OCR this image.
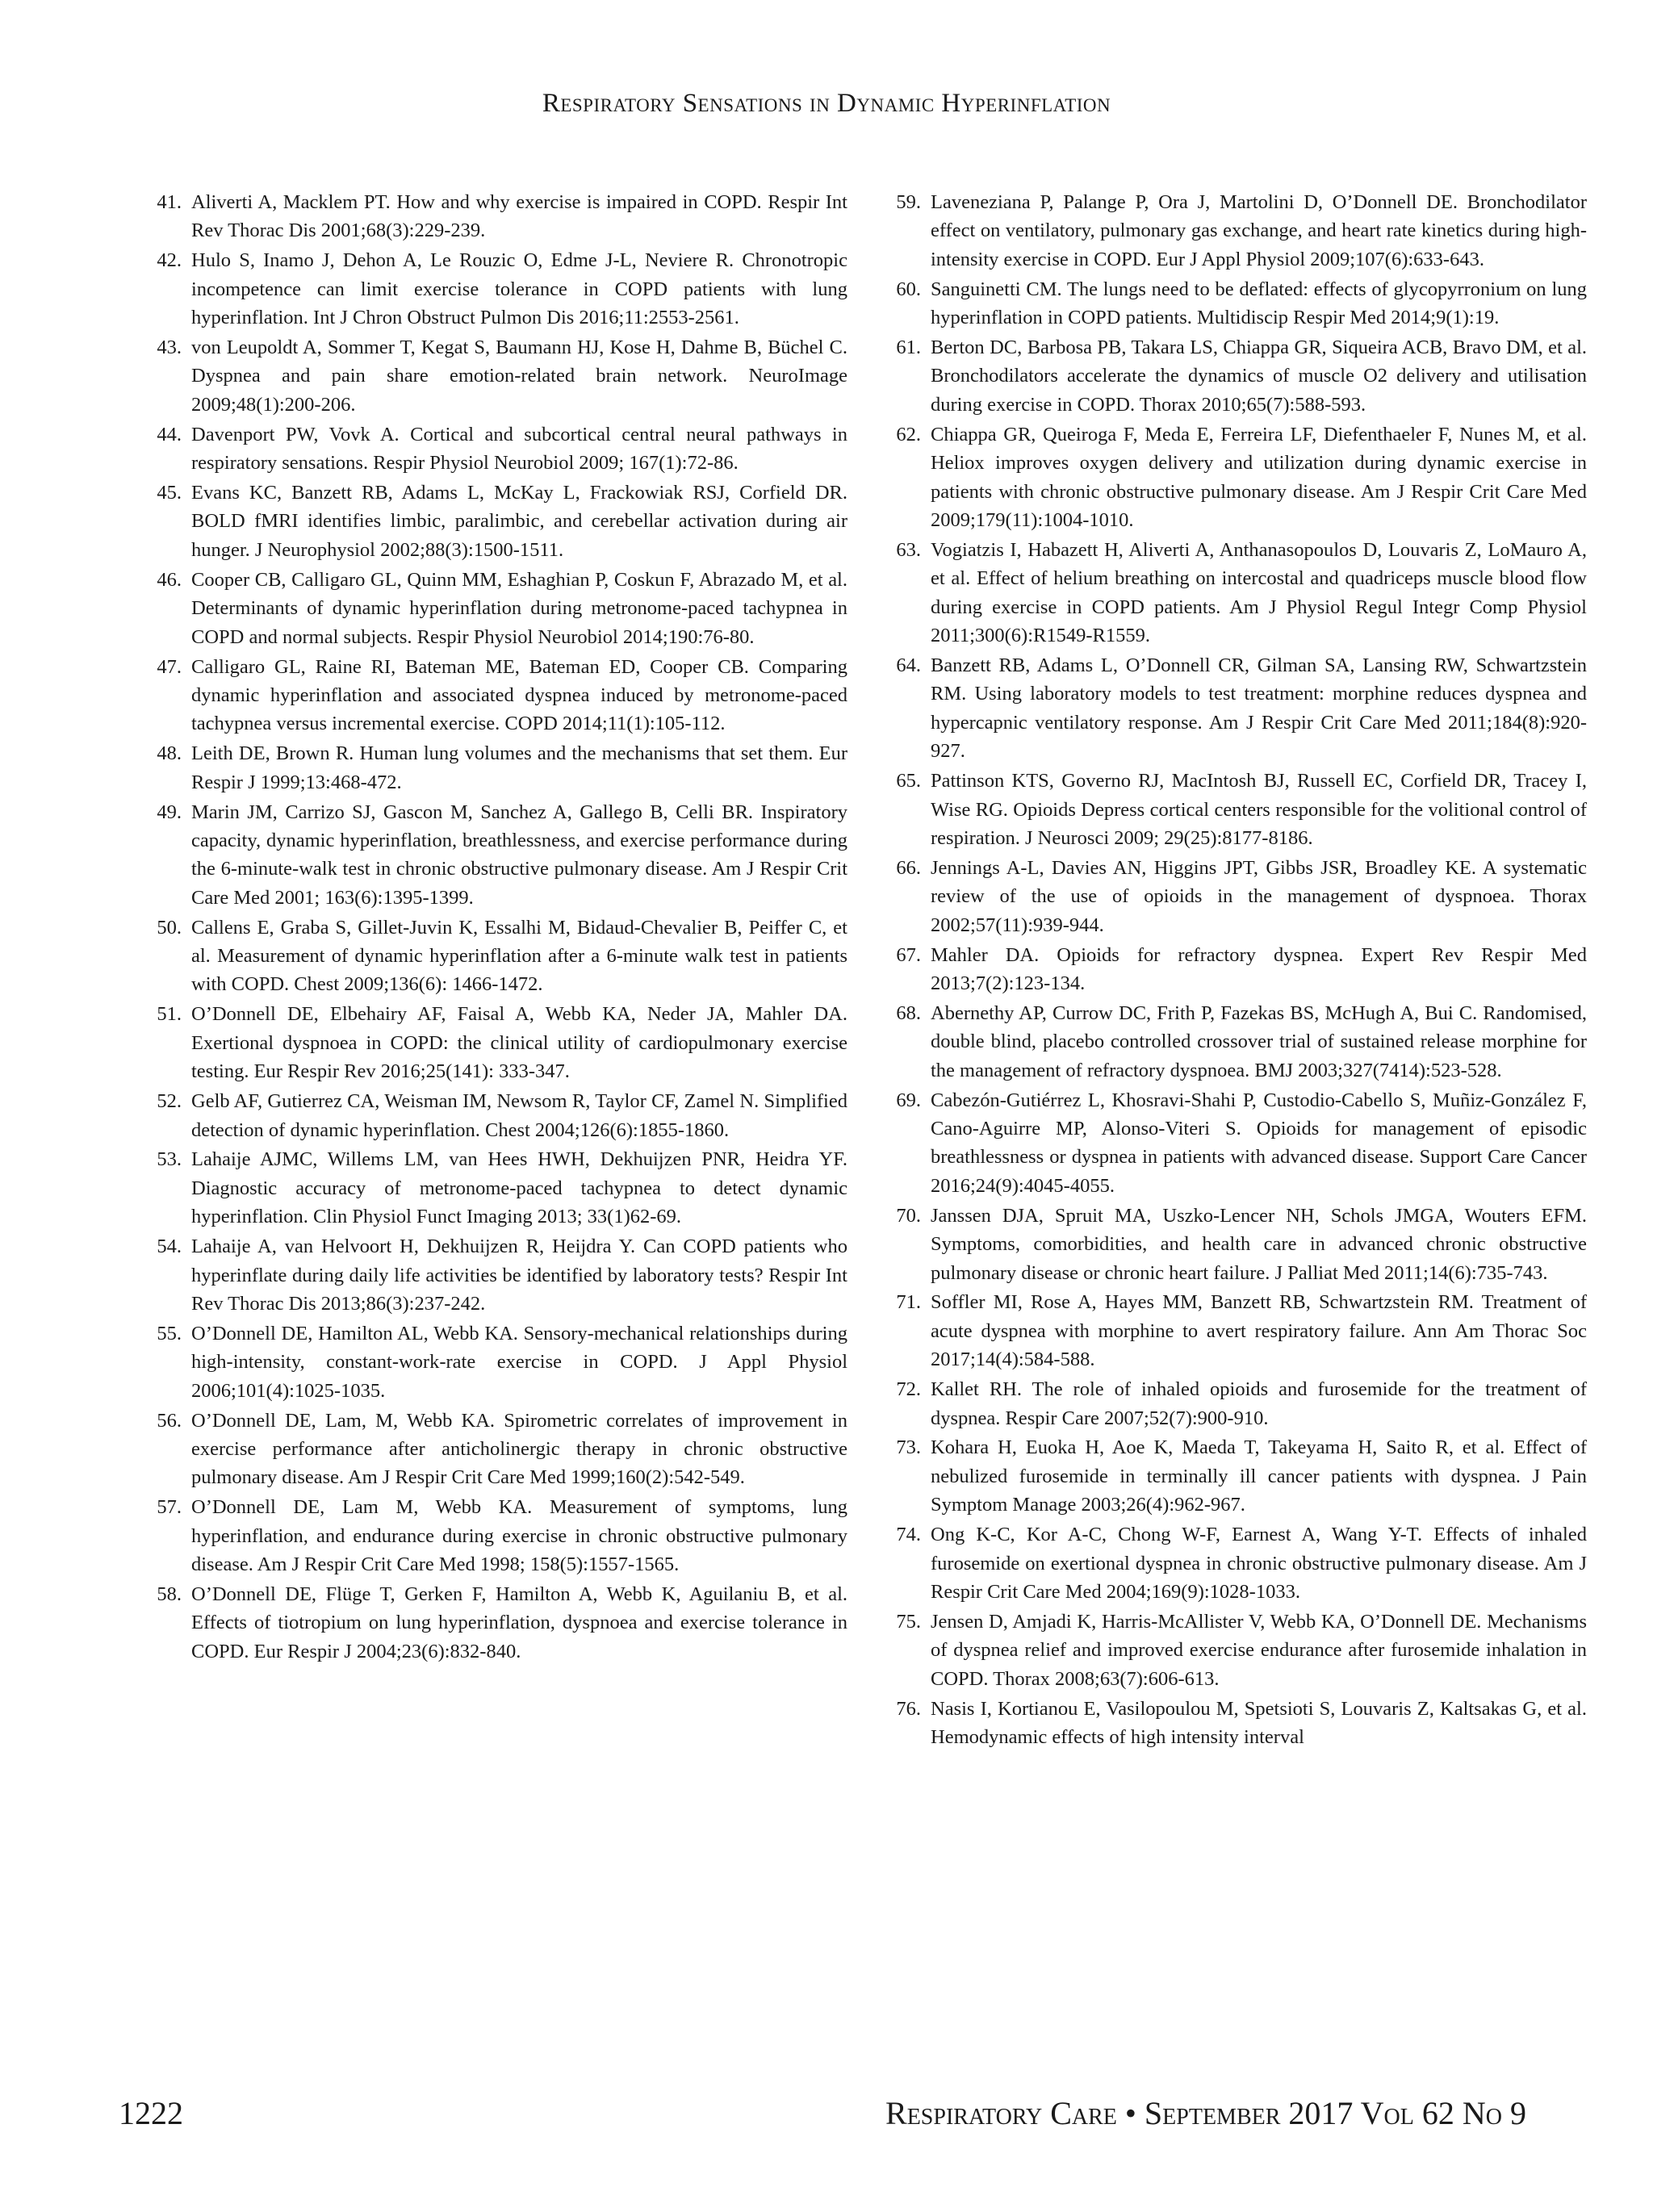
Respiratory Sensations in Dynamic Hyperinflation
41. Aliverti A, Macklem PT. How and why exercise is impaired in COPD. Respir Int Rev Thorac Dis 2001;68(3):229-239.
42. Hulo S, Inamo J, Dehon A, Le Rouzic O, Edme J-L, Neviere R. Chronotropic incompetence can limit exercise tolerance in COPD patients with lung hyperinflation. Int J Chron Obstruct Pulmon Dis 2016;11:2553-2561.
43. von Leupoldt A, Sommer T, Kegat S, Baumann HJ, Kose H, Dahme B, Büchel C. Dyspnea and pain share emotion-related brain network. NeuroImage 2009;48(1):200-206.
44. Davenport PW, Vovk A. Cortical and subcortical central neural pathways in respiratory sensations. Respir Physiol Neurobiol 2009; 167(1):72-86.
45. Evans KC, Banzett RB, Adams L, McKay L, Frackowiak RSJ, Corfield DR. BOLD fMRI identifies limbic, paralimbic, and cerebellar activation during air hunger. J Neurophysiol 2002;88(3):1500-1511.
46. Cooper CB, Calligaro GL, Quinn MM, Eshaghian P, Coskun F, Abrazado M, et al. Determinants of dynamic hyperinflation during metronome-paced tachypnea in COPD and normal subjects. Respir Physiol Neurobiol 2014;190:76-80.
47. Calligaro GL, Raine RI, Bateman ME, Bateman ED, Cooper CB. Comparing dynamic hyperinflation and associated dyspnea induced by metronome-paced tachypnea versus incremental exercise. COPD 2014;11(1):105-112.
48. Leith DE, Brown R. Human lung volumes and the mechanisms that set them. Eur Respir J 1999;13:468-472.
49. Marin JM, Carrizo SJ, Gascon M, Sanchez A, Gallego B, Celli BR. Inspiratory capacity, dynamic hyperinflation, breathlessness, and exercise performance during the 6-minute-walk test in chronic obstructive pulmonary disease. Am J Respir Crit Care Med 2001; 163(6):1395-1399.
50. Callens E, Graba S, Gillet-Juvin K, Essalhi M, Bidaud-Chevalier B, Peiffer C, et al. Measurement of dynamic hyperinflation after a 6-minute walk test in patients with COPD. Chest 2009;136(6): 1466-1472.
51. O’Donnell DE, Elbehairy AF, Faisal A, Webb KA, Neder JA, Mahler DA. Exertional dyspnoea in COPD: the clinical utility of cardiopulmonary exercise testing. Eur Respir Rev 2016;25(141): 333-347.
52. Gelb AF, Gutierrez CA, Weisman IM, Newsom R, Taylor CF, Zamel N. Simplified detection of dynamic hyperinflation. Chest 2004;126(6):1855-1860.
53. Lahaije AJMC, Willems LM, van Hees HWH, Dekhuijzen PNR, Heidra YF. Diagnostic accuracy of metronome-paced tachypnea to detect dynamic hyperinflation. Clin Physiol Funct Imaging 2013; 33(1)62-69.
54. Lahaije A, van Helvoort H, Dekhuijzen R, Heijdra Y. Can COPD patients who hyperinflate during daily life activities be identified by laboratory tests? Respir Int Rev Thorac Dis 2013;86(3):237-242.
55. O’Donnell DE, Hamilton AL, Webb KA. Sensory-mechanical relationships during high-intensity, constant-work-rate exercise in COPD. J Appl Physiol 2006;101(4):1025-1035.
56. O’Donnell DE, Lam, M, Webb KA. Spirometric correlates of improvement in exercise performance after anticholinergic therapy in chronic obstructive pulmonary disease. Am J Respir Crit Care Med 1999;160(2):542-549.
57. O’Donnell DE, Lam M, Webb KA. Measurement of symptoms, lung hyperinflation, and endurance during exercise in chronic obstructive pulmonary disease. Am J Respir Crit Care Med 1998; 158(5):1557-1565.
58. O’Donnell DE, Flüge T, Gerken F, Hamilton A, Webb K, Aguilaniu B, et al. Effects of tiotropium on lung hyperinflation, dyspnoea and exercise tolerance in COPD. Eur Respir J 2004;23(6):832-840.
59. Laveneziana P, Palange P, Ora J, Martolini D, O’Donnell DE. Bronchodilator effect on ventilatory, pulmonary gas exchange, and heart rate kinetics during high-intensity exercise in COPD. Eur J Appl Physiol 2009;107(6):633-643.
60. Sanguinetti CM. The lungs need to be deflated: effects of glycopyrronium on lung hyperinflation in COPD patients. Multidiscip Respir Med 2014;9(1):19.
61. Berton DC, Barbosa PB, Takara LS, Chiappa GR, Siqueira ACB, Bravo DM, et al. Bronchodilators accelerate the dynamics of muscle O2 delivery and utilisation during exercise in COPD. Thorax 2010;65(7):588-593.
62. Chiappa GR, Queiroga F, Meda E, Ferreira LF, Diefenthaeler F, Nunes M, et al. Heliox improves oxygen delivery and utilization during dynamic exercise in patients with chronic obstructive pulmonary disease. Am J Respir Crit Care Med 2009;179(11):1004-1010.
63. Vogiatzis I, Habazett H, Aliverti A, Anthanasopoulos D, Louvaris Z, LoMauro A, et al. Effect of helium breathing on intercostal and quadriceps muscle blood flow during exercise in COPD patients. Am J Physiol Regul Integr Comp Physiol 2011;300(6):R1549-R1559.
64. Banzett RB, Adams L, O’Donnell CR, Gilman SA, Lansing RW, Schwartzstein RM. Using laboratory models to test treatment: morphine reduces dyspnea and hypercapnic ventilatory response. Am J Respir Crit Care Med 2011;184(8):920-927.
65. Pattinson KTS, Governo RJ, MacIntosh BJ, Russell EC, Corfield DR, Tracey I, Wise RG. Opioids Depress cortical centers responsible for the volitional control of respiration. J Neurosci 2009; 29(25):8177-8186.
66. Jennings A-L, Davies AN, Higgins JPT, Gibbs JSR, Broadley KE. A systematic review of the use of opioids in the management of dyspnoea. Thorax 2002;57(11):939-944.
67. Mahler DA. Opioids for refractory dyspnea. Expert Rev Respir Med 2013;7(2):123-134.
68. Abernethy AP, Currow DC, Frith P, Fazekas BS, McHugh A, Bui C. Randomised, double blind, placebo controlled crossover trial of sustained release morphine for the management of refractory dyspnoea. BMJ 2003;327(7414):523-528.
69. Cabezón-Gutiérrez L, Khosravi-Shahi P, Custodio-Cabello S, Muñiz-González F, Cano-Aguirre MP, Alonso-Viteri S. Opioids for management of episodic breathlessness or dyspnea in patients with advanced disease. Support Care Cancer 2016;24(9):4045-4055.
70. Janssen DJA, Spruit MA, Uszko-Lencer NH, Schols JMGA, Wouters EFM. Symptoms, comorbidities, and health care in advanced chronic obstructive pulmonary disease or chronic heart failure. J Palliat Med 2011;14(6):735-743.
71. Soffler MI, Rose A, Hayes MM, Banzett RB, Schwartzstein RM. Treatment of acute dyspnea with morphine to avert respiratory failure. Ann Am Thorac Soc 2017;14(4):584-588.
72. Kallet RH. The role of inhaled opioids and furosemide for the treatment of dyspnea. Respir Care 2007;52(7):900-910.
73. Kohara H, Euoka H, Aoe K, Maeda T, Takeyama H, Saito R, et al. Effect of nebulized furosemide in terminally ill cancer patients with dyspnea. J Pain Symptom Manage 2003;26(4):962-967.
74. Ong K-C, Kor A-C, Chong W-F, Earnest A, Wang Y-T. Effects of inhaled furosemide on exertional dyspnea in chronic obstructive pulmonary disease. Am J Respir Crit Care Med 2004;169(9):1028-1033.
75. Jensen D, Amjadi K, Harris-McAllister V, Webb KA, O’Donnell DE. Mechanisms of dyspnea relief and improved exercise endurance after furosemide inhalation in COPD. Thorax 2008;63(7):606-613.
76. Nasis I, Kortianou E, Vasilopoulou M, Spetsioti S, Louvaris Z, Kaltsakas G, et al. Hemodynamic effects of high intensity interval
1222	Respiratory Care • September 2017 Vol 62 No 9
